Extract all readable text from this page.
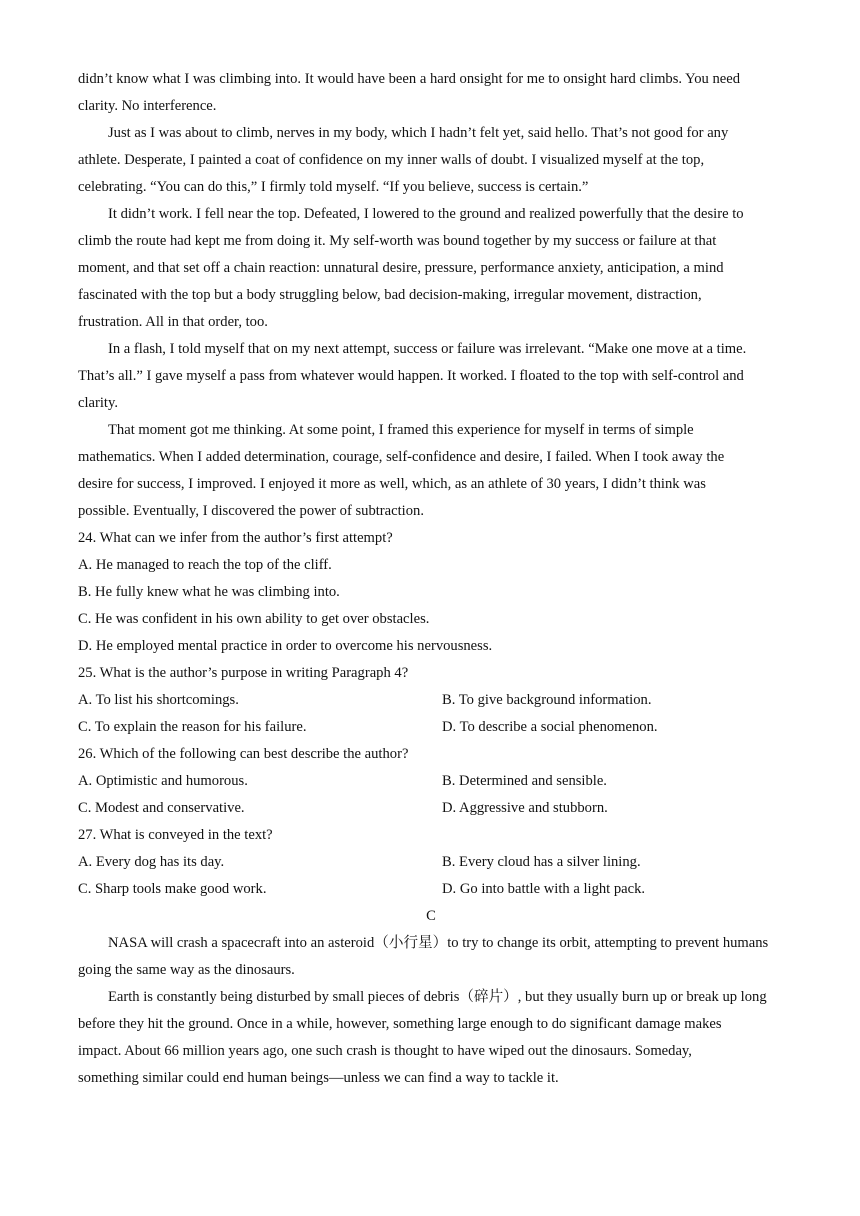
didn’t know what I was climbing into. It would have been a hard onsight for me to onsight hard climbs. You need
clarity. No interference.
Just as I was about to climb, nerves in my body, which I hadn’t felt yet, said hello. That’s not good for any
athlete. Desperate, I painted a coat of confidence on my inner walls of doubt. I visualized myself at the top,
celebrating. “You can do this,” I firmly told myself. “If you believe, success is certain.”
It didn’t work. I fell near the top. Defeated, I lowered to the ground and realized powerfully that the desire to
climb the route had kept me from doing it. My self-worth was bound together by my success or failure at that
moment, and that set off a chain reaction: unnatural desire, pressure, performance anxiety, anticipation, a mind
fascinated with the top but a body struggling below, bad decision-making, irregular movement, distraction,
frustration. All in that order, too.
In a flash, I told myself that on my next attempt, success or failure was irrelevant. “Make one move at a time.
That’s all.” I gave myself a pass from whatever would happen. It worked. I floated to the top with self-control and
clarity.
That moment got me thinking. At some point, I framed this experience for myself in terms of simple
mathematics. When I added determination, courage, self-confidence and desire, I failed. When I took away the
desire for success, I improved. I enjoyed it more as well, which, as an athlete of 30 years, I didn’t think was
possible. Eventually, I discovered the power of subtraction.
24. What can we infer from the author’s first attempt?
A. He managed to reach the top of the cliff.
B. He fully knew what he was climbing into.
C. He was confident in his own ability to get over obstacles.
D. He employed mental practice in order to overcome his nervousness.
25. What is the author’s purpose in writing Paragraph 4?
A. To list his shortcomings.	B. To give background information.
C. To explain the reason for his failure.	D. To describe a social phenomenon.
26. Which of the following can best describe the author?
A. Optimistic and humorous.	B. Determined and sensible.
C. Modest and conservative.	D. Aggressive and stubborn.
27. What is conveyed in the text?
A. Every dog has its day.	B. Every cloud has a silver lining.
C. Sharp tools make good work.	D. Go into battle with a light pack.
C
NASA will crash a spacecraft into an asteroid（小行星）to try to change its orbit, attempting to prevent humans
going the same way as the dinosaurs.
Earth is constantly being disturbed by small pieces of debris（碎片）, but they usually burn up or break up long
before they hit the ground. Once in a while, however, something large enough to do significant damage makes
impact. About 66 million years ago, one such crash is thought to have wiped out the dinosaurs. Someday,
something similar could end human beings—unless we can find a way to tackle it.
